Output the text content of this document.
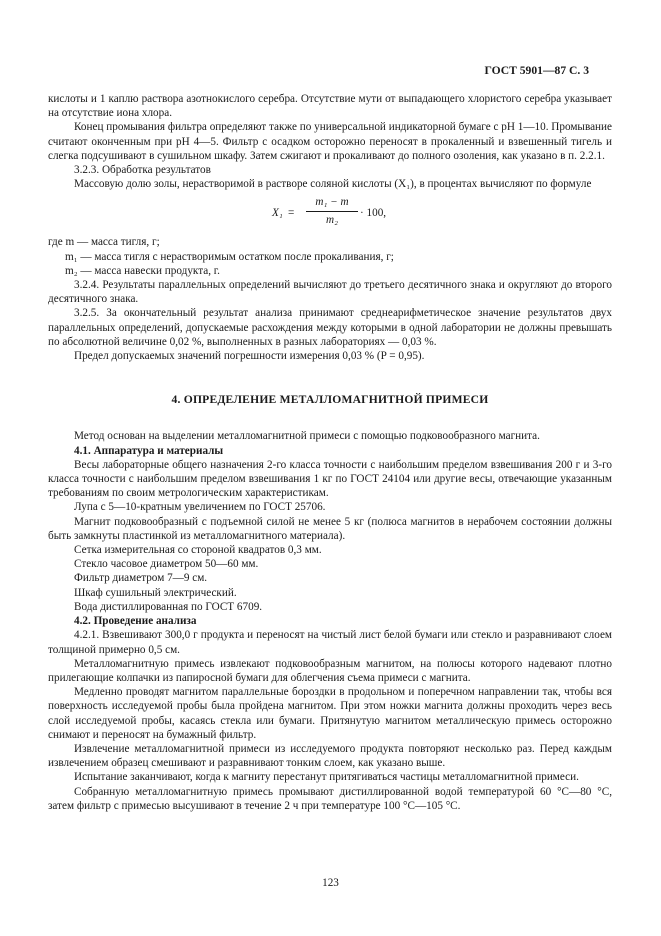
ГОСТ 5901—87 С. 3

кислоты и 1 каплю раствора азотнокислого серебра. Отсутствие мути от выпадающего хлористого серебра указывает на отсутствие иона хлора.

Конец промывания фильтра определяют также по универсальной индикаторной бумаге с рН 1—10. Промывание считают оконченным при рН 4—5. Фильтр с осадком осторожно переносят в прокаленный и взвешенный тигель и слегка подсушивают в сушильном шкафу. Затем сжигают и прокаливают до полного озоления, как указано в п. 2.2.1.

3.2.3. Обработка результатов

Массовую долю золы, нерастворимой в растворе соляной кислоты (X₁), в процентах вычисляют по формуле

$X_1 = \frac{\text{m₁ − m}}{\text{m₂}} \cdot 100$,

где m — масса тигля, г;

m₁ — масса тигля с нерастворимым остатком после прокаливания, г;

m₂ — масса навески продукта, г.

3.2.4. Результаты параллельных определений вычисляют до третьего десятичного знака и округляют до второго десятичного знака.

3.2.5. За окончательный результат анализа принимают среднеарифметическое значение результатов двух параллельных определений, допускаемые расхождения между которыми в одной лаборатории не должны превышать по абсолютной величине 0,02 %, выполненных в разных лабораториях — 0,03 %.

Предел допускаемых значений погрешности измерения 0,03 % (P = 0,95).

4. ОПРЕДЕЛЕНИЕ МЕТАЛЛОМАГНИТНОЙ ПРИМЕСИ

Метод основан на выделении металломагнитной примеси с помощью подковообразного магнита.

4.1. Аппаратура и материалы

Весы лабораторные общего назначения 2-го класса точности с наибольшим пределом взвешивания 200 г и 3-го класса точности с наибольшим пределом взвешивания 1 кг по ГОСТ 24104 или другие весы, отвечающие указанным требованиям по своим метрологическим характеристикам.

Лупа с 5—10-кратным увеличением по ГОСТ 25706.

Магнит подковообразный с подъемной силой не менее 5 кг (полюса магнитов в нерабочем состоянии должны быть замкнуты пластинкой из металломагнитного материала).

Сетка измерительная со стороной квадратов 0,3 мм.

Стекло часовое диаметром 50—60 мм.

Фильтр диаметром 7—9 см.

Шкаф сушильный электрический.

Вода дистиллированная по ГОСТ 6709.

4.2. Проведение анализа

4.2.1. Взвешивают 300,0 г продукта и переносят на чистый лист белой бумаги или стекло и разравнивают слоем толщиной примерно 0,5 см.

Металломагнитную примесь извлекают подковообразным магнитом, на полюсы которого надевают плотно прилегающие колпачки из папиросной бумаги для облегчения съема примеси с магнита.

Медленно проводят магнитом параллельные бороздки в продольном и поперечном направлении так, чтобы вся поверхность исследуемой пробы была пройдена магнитом. При этом ножки магнита должны проходить через весь слой исследуемой пробы, касаясь стекла или бумаги. Притянутую магнитом металлическую примесь осторожно снимают и переносят на бумажный фильтр.

Извлечение металломагнитной примеси из исследуемого продукта повторяют несколько раз. Перед каждым извлечением образец смешивают и разравнивают тонким слоем, как указано выше.

Испытание заканчивают, когда к магниту перестанут притягиваться частицы металломагнитной примеси.

Собранную металломагнитную примесь промывают дистиллированной водой температурой 60 °С—80 °С, затем фильтр с примесью высушивают в течение 2 ч при температуре 100 °С—105 °С.

123
